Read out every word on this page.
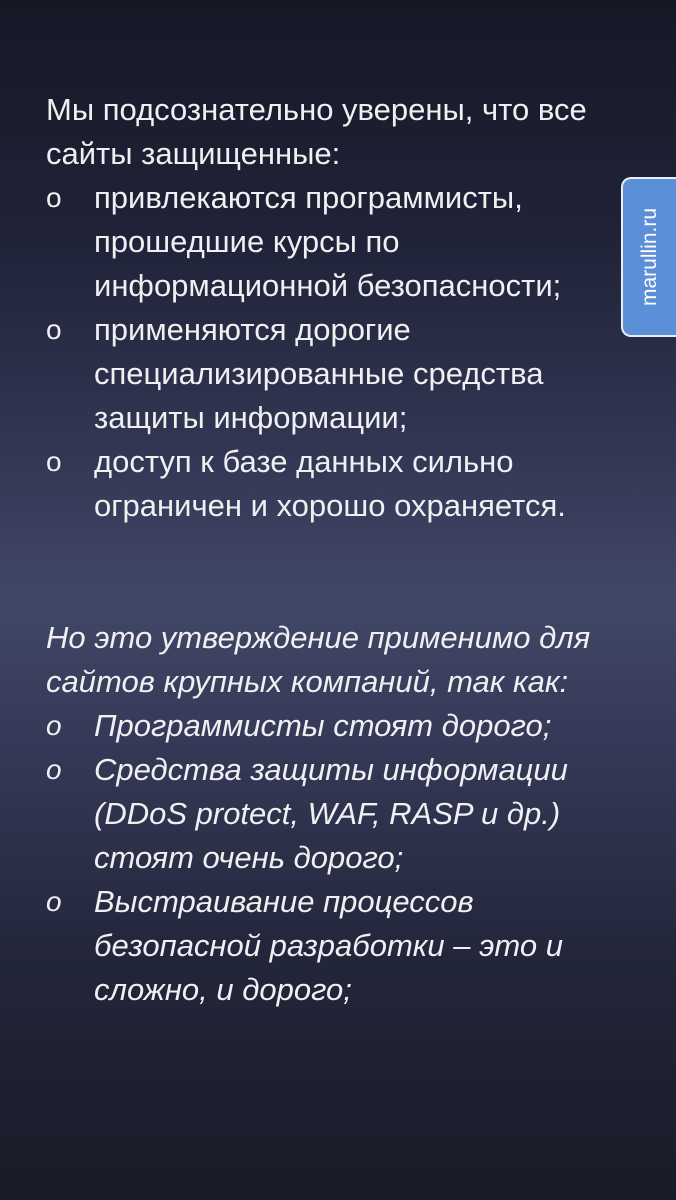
Мы подсознательно уверены, что все сайты защищенные:

o	привлекаются программисты, прошедшие курсы по информационной безопасности;
o	применяются дорогие специализированные средства защиты информации;
o	доступ к базе данных сильно ограничен и хорошо охраняется.

Но это утверждение применимо для сайтов крупных компаний, так как:

o	Программисты стоят дорого;
o	Средства защиты информации (DDoS protect, WAF, RASP и др.) стоят очень дорого;
o	Выстраивание процессов безопасной разработки – это и сложно, и дорого;
marullin.ru
